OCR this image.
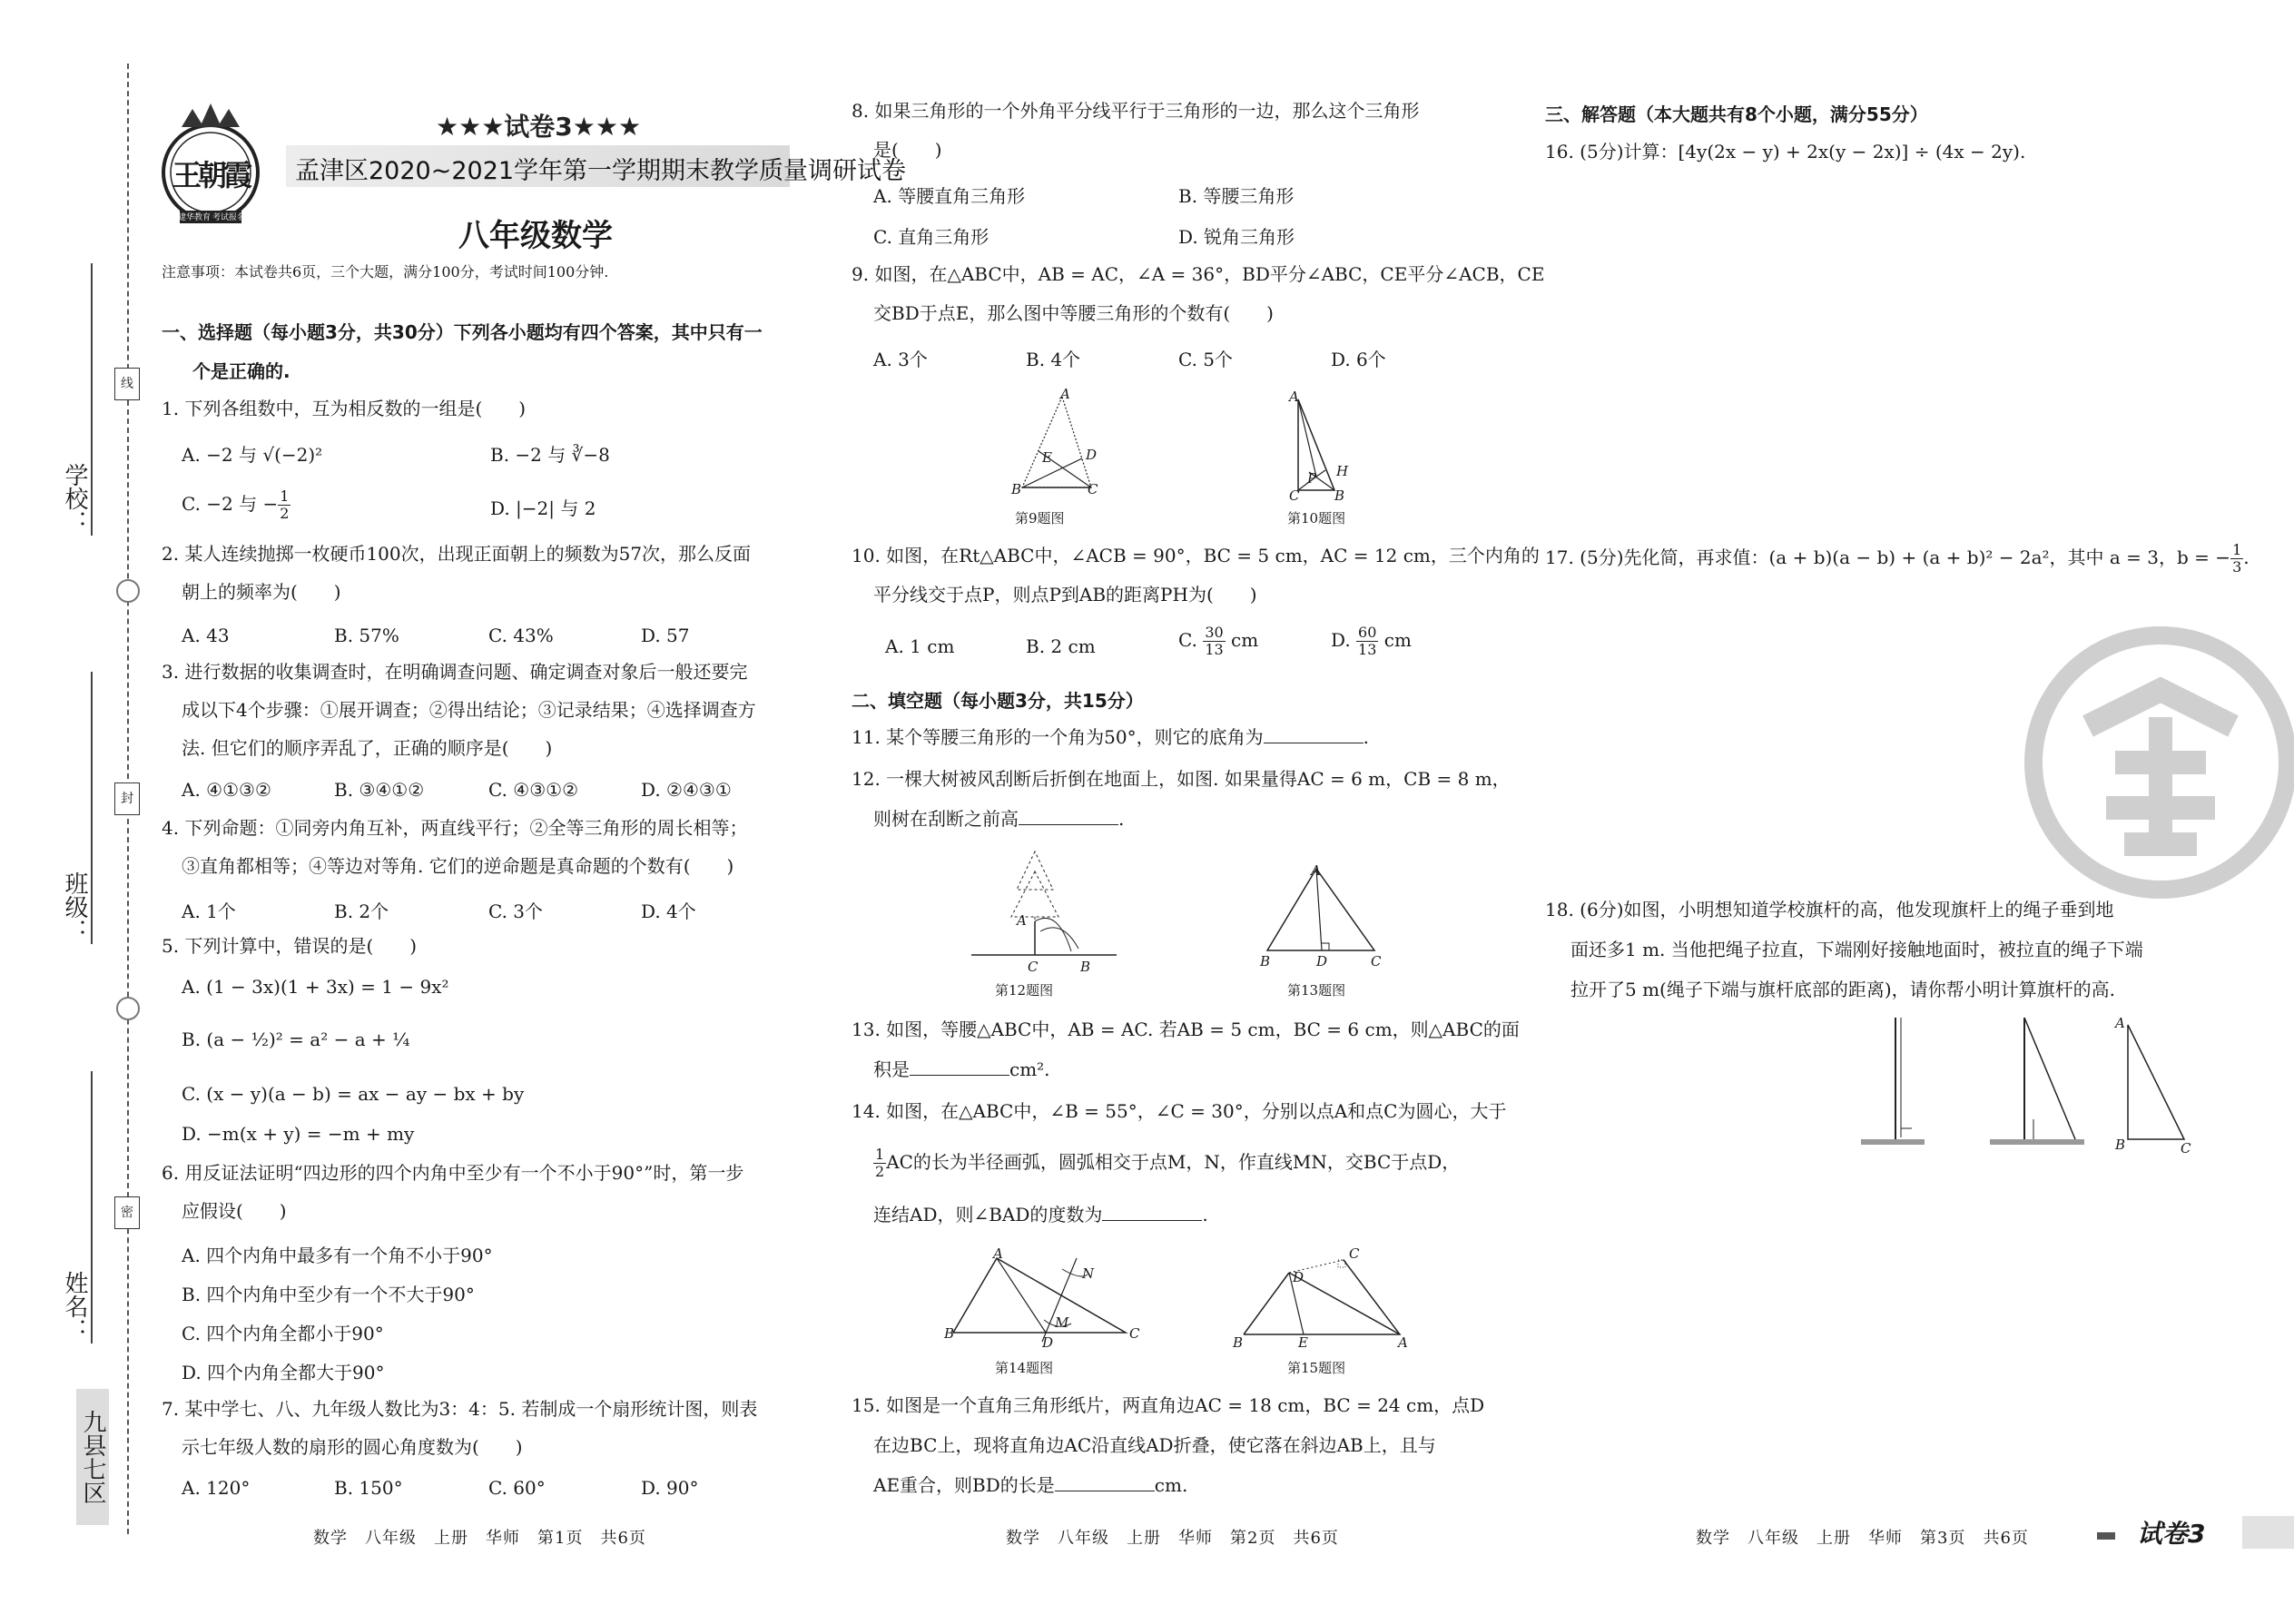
学校：
班级：
姓名：
线
封
密
九县七区
王朝霞
建华教育 考试报名
★★★试卷3★★★
孟津区2020~2021学年第一学期期末教学质量调研试卷
八年级数学
注意事项：本试卷共6页，三个大题，满分100分，考试时间100分钟.
一、选择题（每小题3分，共30分）下列各小题均有四个答案，其中只有一
个是正确的.
1. 下列各组数中，互为相反数的一组是(　　)
A. −2 与 √(−2)²	B. −2 与 ∛−8
C. −2 与 − $\frac{1}{2}$	D. |−2| 与 2
2. 某人连续抛掷一枚硬币100次，出现正面朝上的频数为57次，那么反面
朝上的频率为(　　)
A. 43	B. 57%	C. 43%	D. 57
3. 进行数据的收集调查时，在明确调查问题、确定调查对象后一般还要完
成以下4个步骤：①展开调查；②得出结论；③记录结果；④选择调查方
法. 但它们的顺序弄乱了，正确的顺序是(　　)
A. ④①③②	B. ③④①②	C. ④③①②	D. ②④③①
4. 下列命题：①同旁内角互补，两直线平行；②全等三角形的周长相等；
③直角都相等；④等边对等角. 它们的逆命题是真命题的个数有(　　)
A. 1个	B. 2个	C. 3个	D. 4个
5. 下列计算中，错误的是(　　)
A. (1 − 3x)(1 + 3x) = 1 − 9x²
B. (a − ½)² = a² − a + ¼
C. (x − y)(a − b) = ax − ay − bx + by
D. −m(x + y) = −m + my
6. 用反证法证明“四边形的四个内角中至少有一个不小于90°”时，第一步
应假设(　　)
A. 四个内角中最多有一个角不小于90°
B. 四个内角中至少有一个不大于90°
C. 四个内角全都小于90°
D. 四个内角全都大于90°
7. 某中学七、八、九年级人数比为3：4：5. 若制成一个扇形统计图，则表
示七年级人数的扇形的圆心角度数为(　　)
A. 120°	B. 150°	C. 60°	D. 90°
数学　八年级　上册　华师　第1页　共6页
8. 如果三角形的一个外角平分线平行于三角形的一边，那么这个三角形
是(　　)
A. 等腰直角三角形	B. 等腰三角形
C. 直角三角形	D. 锐角三角形
9. 如图，在△ABC中，AB = AC，∠A = 36°，BD平分∠ABC，CE平分∠ACB，CE
交BD于点E，那么图中等腰三角形的个数有(　　)
A. 3个	B. 4个	C. 5个	D. 6个
A
B	C
E D
第9题图
A
C	B
P H
第10题图
10. 如图，在Rt△ABC中，∠ACB = 90°，BC = 5 cm，AC = 12 cm，三个内角的
平分线交于点P，则点P到AB的距离PH为(　　)
A. 1 cm	B. 2 cm	C. $\frac{30}{13}$ cm	D. $\frac{60}{13}$ cm
二、填空题（每小题3分，共15分）
11. 某个等腰三角形的一个角为50°，则它的底角为	.
12. 一棵大树被风刮断后折倒在地面上，如图. 如果量得AC = 6 m，CB = 8 m，
则树在刮断之前高	.
A
C	B
第12题图
A
B	D	C
第13题图
13. 如图，等腰△ABC中，AB = AC. 若AB = 5 cm，BC = 6 cm，则△ABC的面
积是	cm².
14. 如图，在△ABC中，∠B = 55°，∠C = 30°，分别以点A和点C为圆心，大于
$\frac{1}{2}$ AC的长为半径画弧，圆弧相交于点M，N，作直线MN，交BC于点D，
连结AD，则∠BAD的度数为	.
A
B	C
D
M
N
第14题图
C
D
B	E	A
第15题图
15. 如图是一个直角三角形纸片，两直角边AC = 18 cm，BC = 24 cm，点D
在边BC上，现将直角边AC沿直线AD折叠，使它落在斜边AB上，且与
AE重合，则BD的长是	cm.
数学　八年级　上册　华师　第2页　共6页
三、解答题（本大题共有8个小题，满分55分）
16. (5分)计算：[4y(2x − y) + 2x(y − 2x)] ÷ (4x − 2y).
17. (5分)先化简，再求值：(a + b)(a − b) + (a + b)² − 2a²，其中 a = 3，b = − $\frac{1}{3}$ .
18. (6分)如图，小明想知道学校旗杆的高，他发现旗杆上的绳子垂到地
面还多1 m. 当他把绳子拉直，下端刚好接触地面时，被拉直的绳子下端
拉开了5 m(绳子下端与旗杆底部的距离)，请你帮小明计算旗杆的高.
A
B	C
数学　八年级　上册　华师　第3页　共6页	试卷3
